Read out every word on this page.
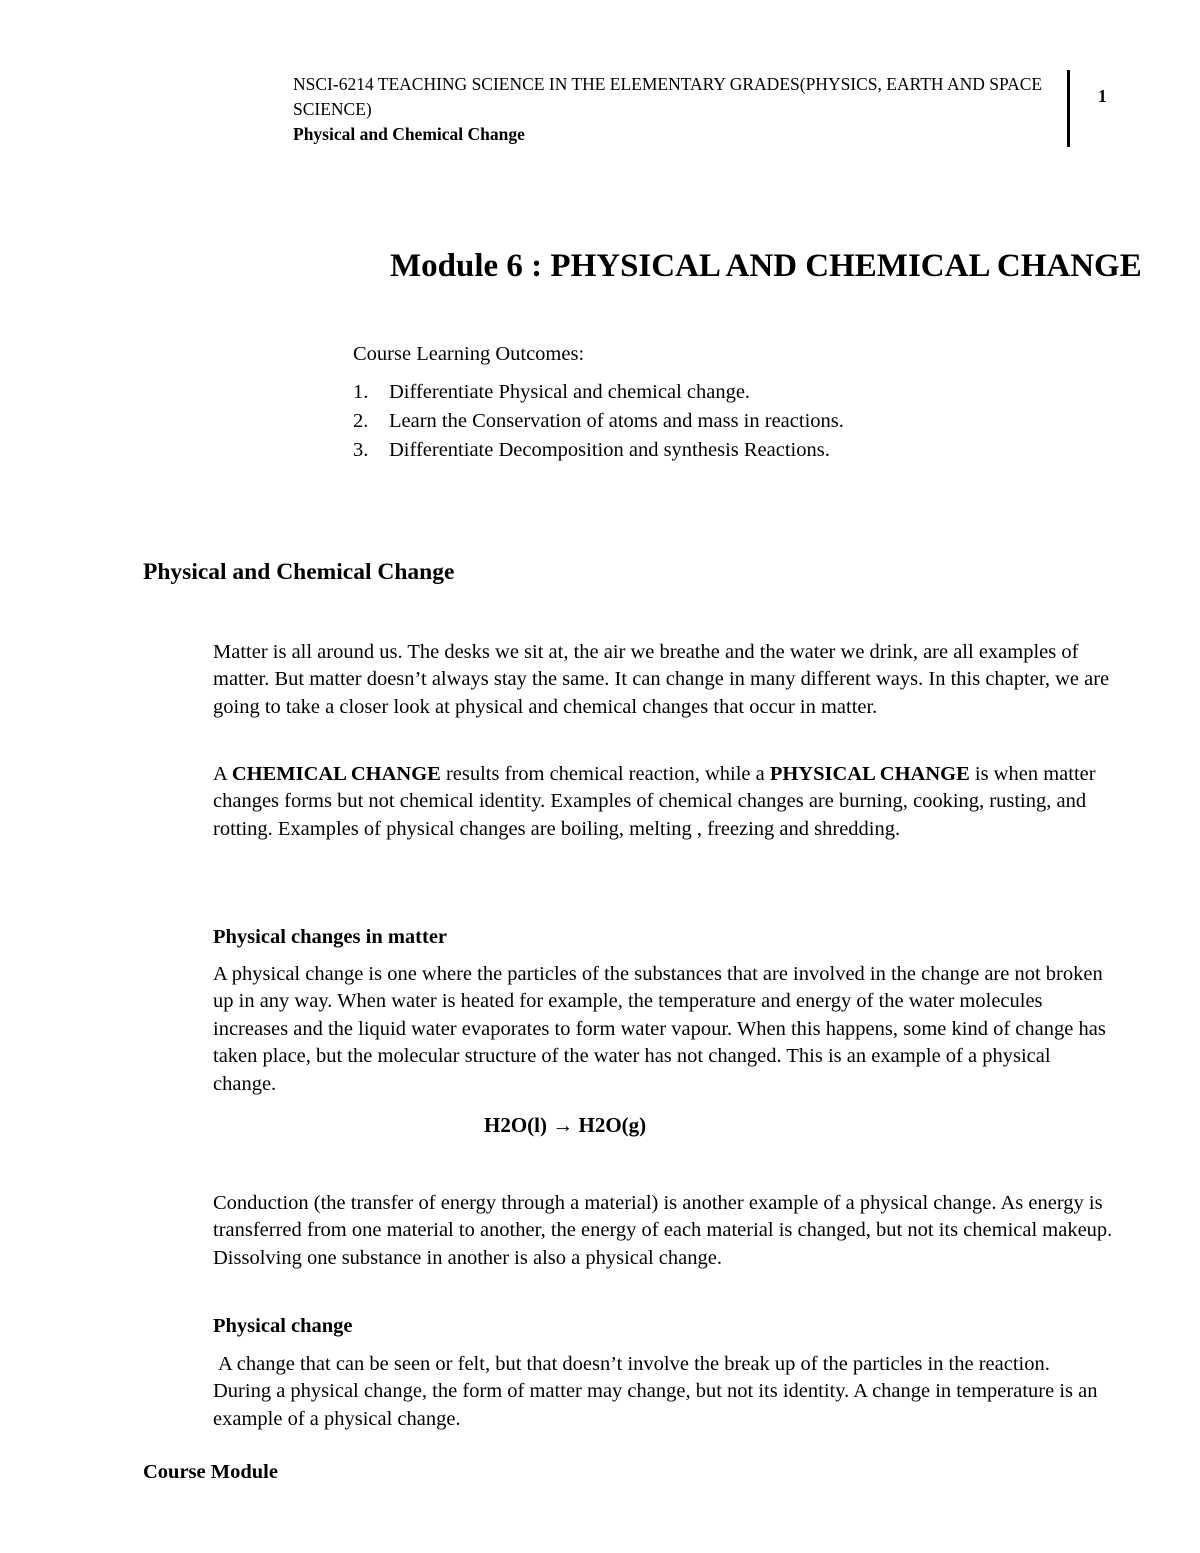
NSCI-6214 TEACHING SCIENCE IN THE ELEMENTARY GRADES(PHYSICS, EARTH AND SPACE SCIENCE)
Physical and Chemical Change
1
Module 6 : PHYSICAL AND CHEMICAL CHANGE
Course Learning Outcomes:
1.	Differentiate Physical and chemical change.
2.	Learn the Conservation of atoms and mass in reactions.
3.	Differentiate Decomposition and synthesis Reactions.
Physical and Chemical Change

Matter is all around us. The desks we sit at, the air we breathe and the water we drink, are all examples of matter. But matter doesn’t always stay the same. It can change in many different ways. In this chapter, we are going to take a closer look at physical and chemical changes that occur in matter.

A CHEMICAL CHANGE results from chemical reaction, while a PHYSICAL CHANGE is when matter changes forms but not chemical identity. Examples of chemical changes are burning, cooking, rusting, and rotting. Examples of physical changes are boiling, melting , freezing and shredding.

Physical changes in matter

A physical change is one where the particles of the substances that are involved in the change are not broken up in any way. When water is heated for example, the temperature and energy of the water molecules increases and the liquid water evaporates to form water vapour. When this happens, some kind of change has taken place, but the molecular structure of the water has not changed. This is an example of a physical change.

H2O(l) → H2O(g)

Conduction (the transfer of energy through a material) is another example of a physical change. As energy is transferred from one material to another, the energy of each material is changed, but not its chemical makeup. Dissolving one substance in another is also a physical change.

Physical change

A change that can be seen or felt, but that doesn’t involve the break up of the particles in the reaction. During a physical change, the form of matter may change, but not its identity. A change in temperature is an example of a physical change.

Course Module
